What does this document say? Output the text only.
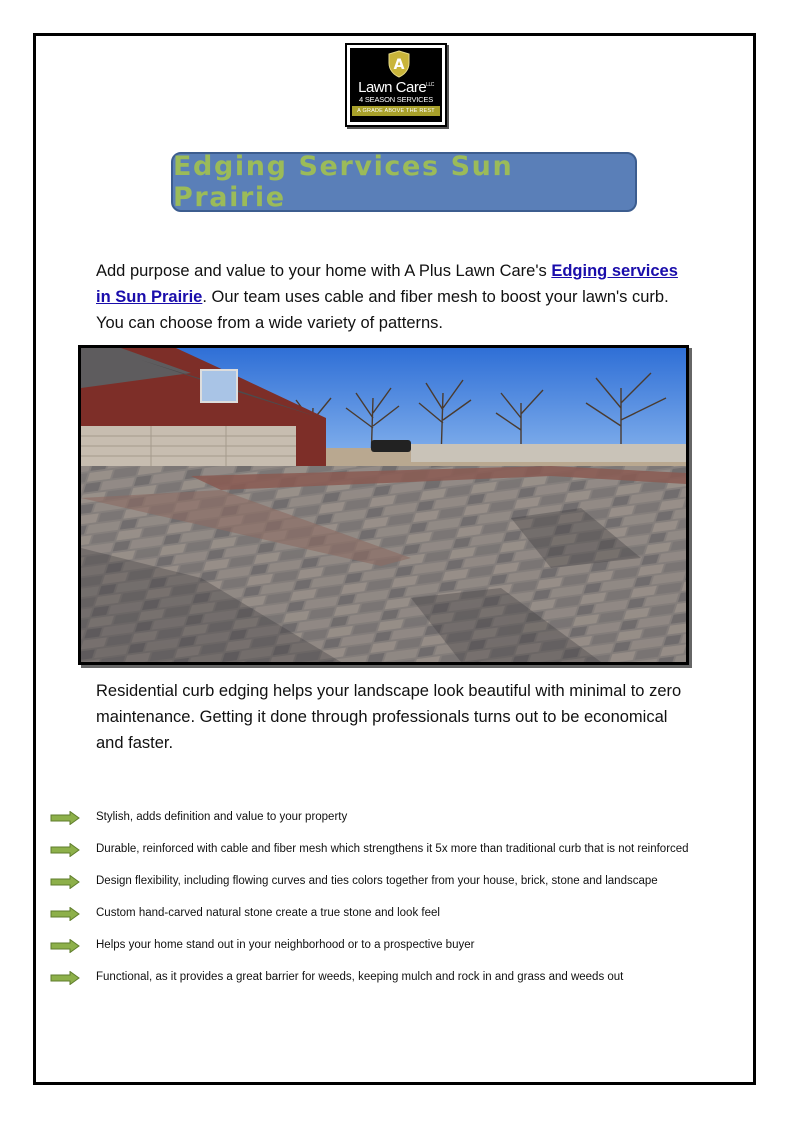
A
Lawn Care$^{LLC}$
4 SEASON SERVICES
A GRADE ABOVE THE REST
Edging Services Sun Prairie

Add purpose and value to your home with A Plus Lawn Care's Edging services in Sun Prairie. Our team uses cable and fiber mesh to boost your lawn's curb. You can choose from a wide variety of patterns.

Residential curb edging helps your landscape look beautiful with minimal to zero maintenance. Getting it done through professionals turns out to be economical and faster.

Stylish, adds definition and value to your property
Durable, reinforced with cable and fiber mesh which strengthens it 5x more than traditional curb that is not reinforced
Design flexibility, including flowing curves and ties colors together from your house, brick, stone and landscape
Custom hand-carved natural stone create a true stone and look feel
Helps your home stand out in your neighborhood or to a prospective buyer
Functional, as it provides a great barrier for weeds, keeping mulch and rock in and grass and weeds out
